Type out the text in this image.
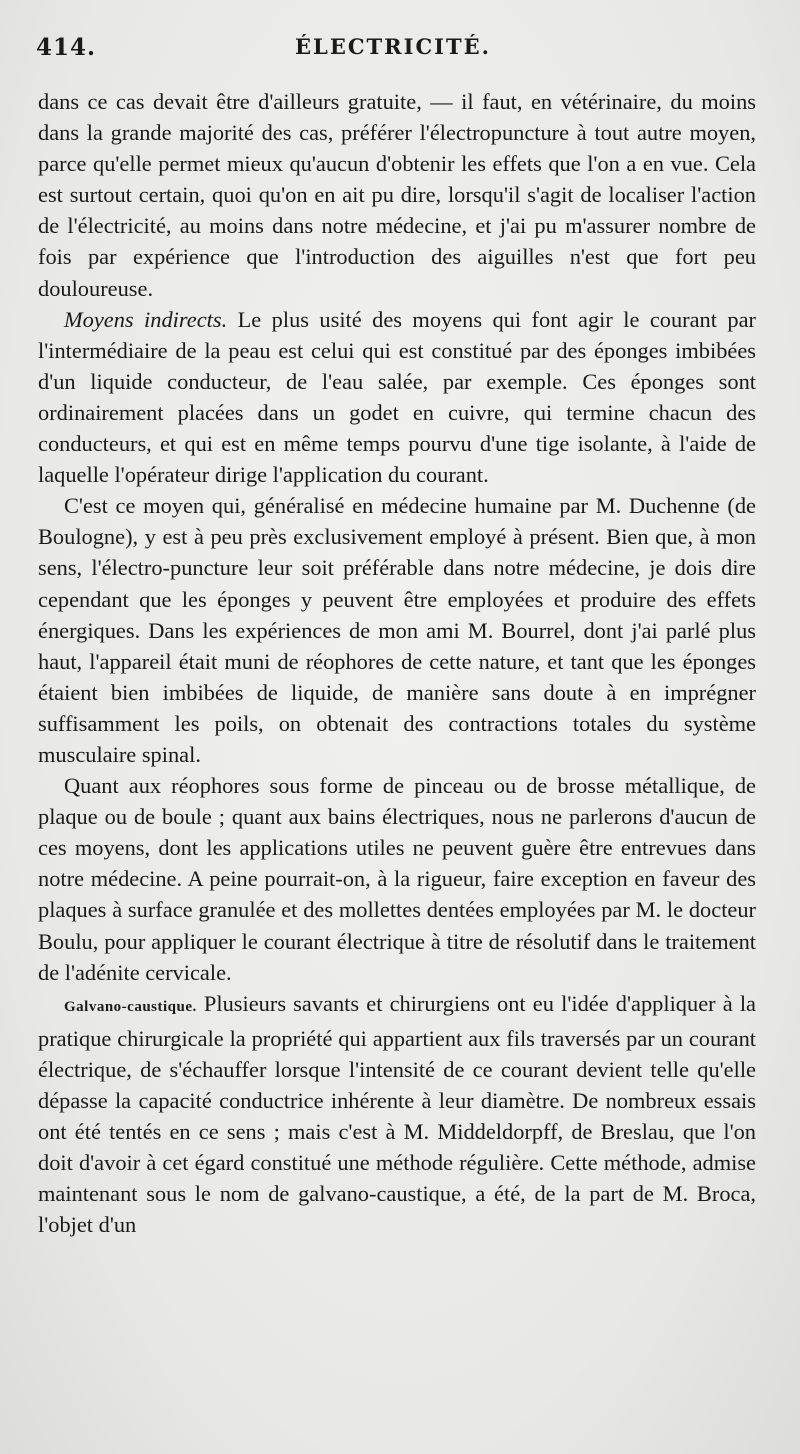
414.	ÉLECTRICITÉ.

dans ce cas devait être d'ailleurs gratuite, — il faut, en vétérinaire, du moins dans la grande majorité des cas, préférer l'électropuncture à tout autre moyen, parce qu'elle permet mieux qu'aucun d'obtenir les effets que l'on a en vue. Cela est surtout certain, quoi qu'on en ait pu dire, lorsqu'il s'agit de localiser l'action de l'électricité, au moins dans notre médecine, et j'ai pu m'assurer nombre de fois par expérience que l'introduction des aiguilles n'est que fort peu douloureuse.

Moyens indirects. Le plus usité des moyens qui font agir le courant par l'intermédiaire de la peau est celui qui est constitué par des éponges imbibées d'un liquide conducteur, de l'eau salée, par exemple. Ces éponges sont ordinairement placées dans un godet en cuivre, qui termine chacun des conducteurs, et qui est en même temps pourvu d'une tige isolante, à l'aide de laquelle l'opérateur dirige l'application du courant.

C'est ce moyen qui, généralisé en médecine humaine par M. Duchenne (de Boulogne), y est à peu près exclusivement employé à présent. Bien que, à mon sens, l'électro-puncture leur soit préférable dans notre médecine, je dois dire cependant que les éponges y peuvent être employées et produire des effets énergiques. Dans les expériences de mon ami M. Bourrel, dont j'ai parlé plus haut, l'appareil était muni de réophores de cette nature, et tant que les éponges étaient bien imbibées de liquide, de manière sans doute à en imprégner suffisamment les poils, on obtenait des contractions totales du système musculaire spinal.

Quant aux réophores sous forme de pinceau ou de brosse métallique, de plaque ou de boule ; quant aux bains électriques, nous ne parlerons d'aucun de ces moyens, dont les applications utiles ne peuvent guère être entrevues dans notre médecine. A peine pourrait-on, à la rigueur, faire exception en faveur des plaques à surface granulée et des mollettes dentées employées par M. le docteur Boulu, pour appliquer le courant électrique à titre de résolutif dans le traitement de l'adénite cervicale.

Galvano-caustique. Plusieurs savants et chirurgiens ont eu l'idée d'appliquer à la pratique chirurgicale la propriété qui appartient aux fils traversés par un courant électrique, de s'échauffer lorsque l'intensité de ce courant devient telle qu'elle dépasse la capacité conductrice inhérente à leur diamètre. De nombreux essais ont été tentés en ce sens ; mais c'est à M. Middeldorpff, de Breslau, que l'on doit d'avoir à cet égard constitué une méthode régulière. Cette méthode, admise maintenant sous le nom de galvano-caustique, a été, de la part de M. Broca, l'objet d'un
